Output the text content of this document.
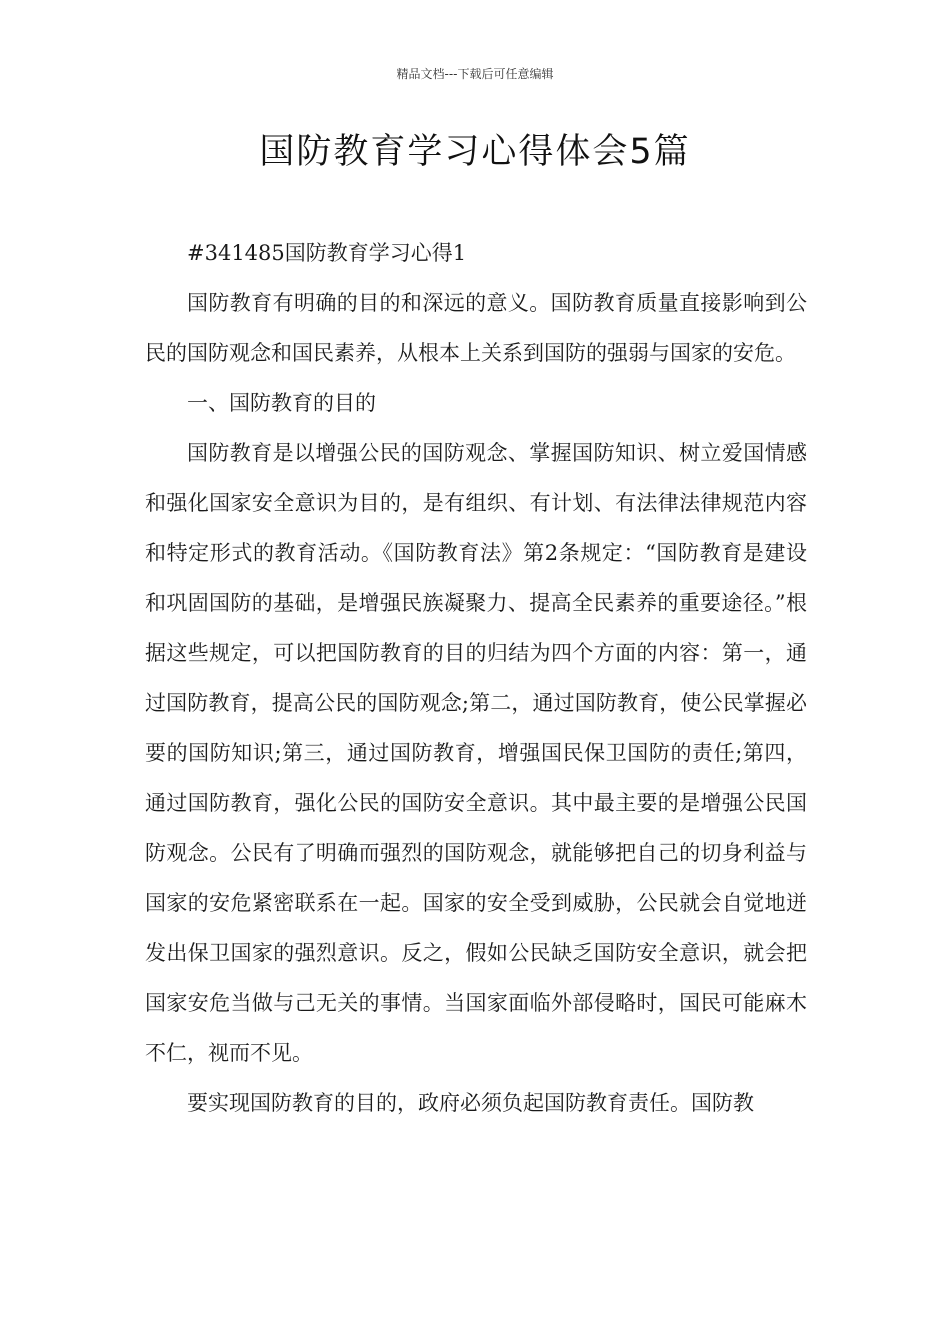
精品文档---下载后可任意编辑
国防教育学习心得体会5篇

#341485国防教育学习心得1

国防教育有明确的目的和深远的意义。国防教育质量直接影响到公民的国防观念和国民素养，从根本上关系到国防的强弱与国家的安危。

一、国防教育的目的

国防教育是以增强公民的国防观念、掌握国防知识、树立爱国情感和强化国家安全意识为目的，是有组织、有计划、有法律法律规范内容和特定形式的教育活动。《国防教育法》第2条规定：“国防教育是建设和巩固国防的基础，是增强民族凝聚力、提高全民素养的重要途径。”根据这些规定，可以把国防教育的目的归结为四个方面的内容：第一，通过国防教育，提高公民的国防观念;第二，通过国防教育，使公民掌握必要的国防知识;第三，通过国防教育，增强国民保卫国防的责任;第四，通过国防教育，强化公民的国防安全意识。其中最主要的是增强公民国防观念。公民有了明确而强烈的国防观念，就能够把自己的切身利益与国家的安危紧密联系在一起。国家的安全受到威胁，公民就会自觉地迸发出保卫国家的强烈意识。反之，假如公民缺乏国防安全意识，就会把国家安危当做与己无关的事情。当国家面临外部侵略时，国民可能麻木不仁，视而不见。

要实现国防教育的目的，政府必须负起国防教育责任。国防教
